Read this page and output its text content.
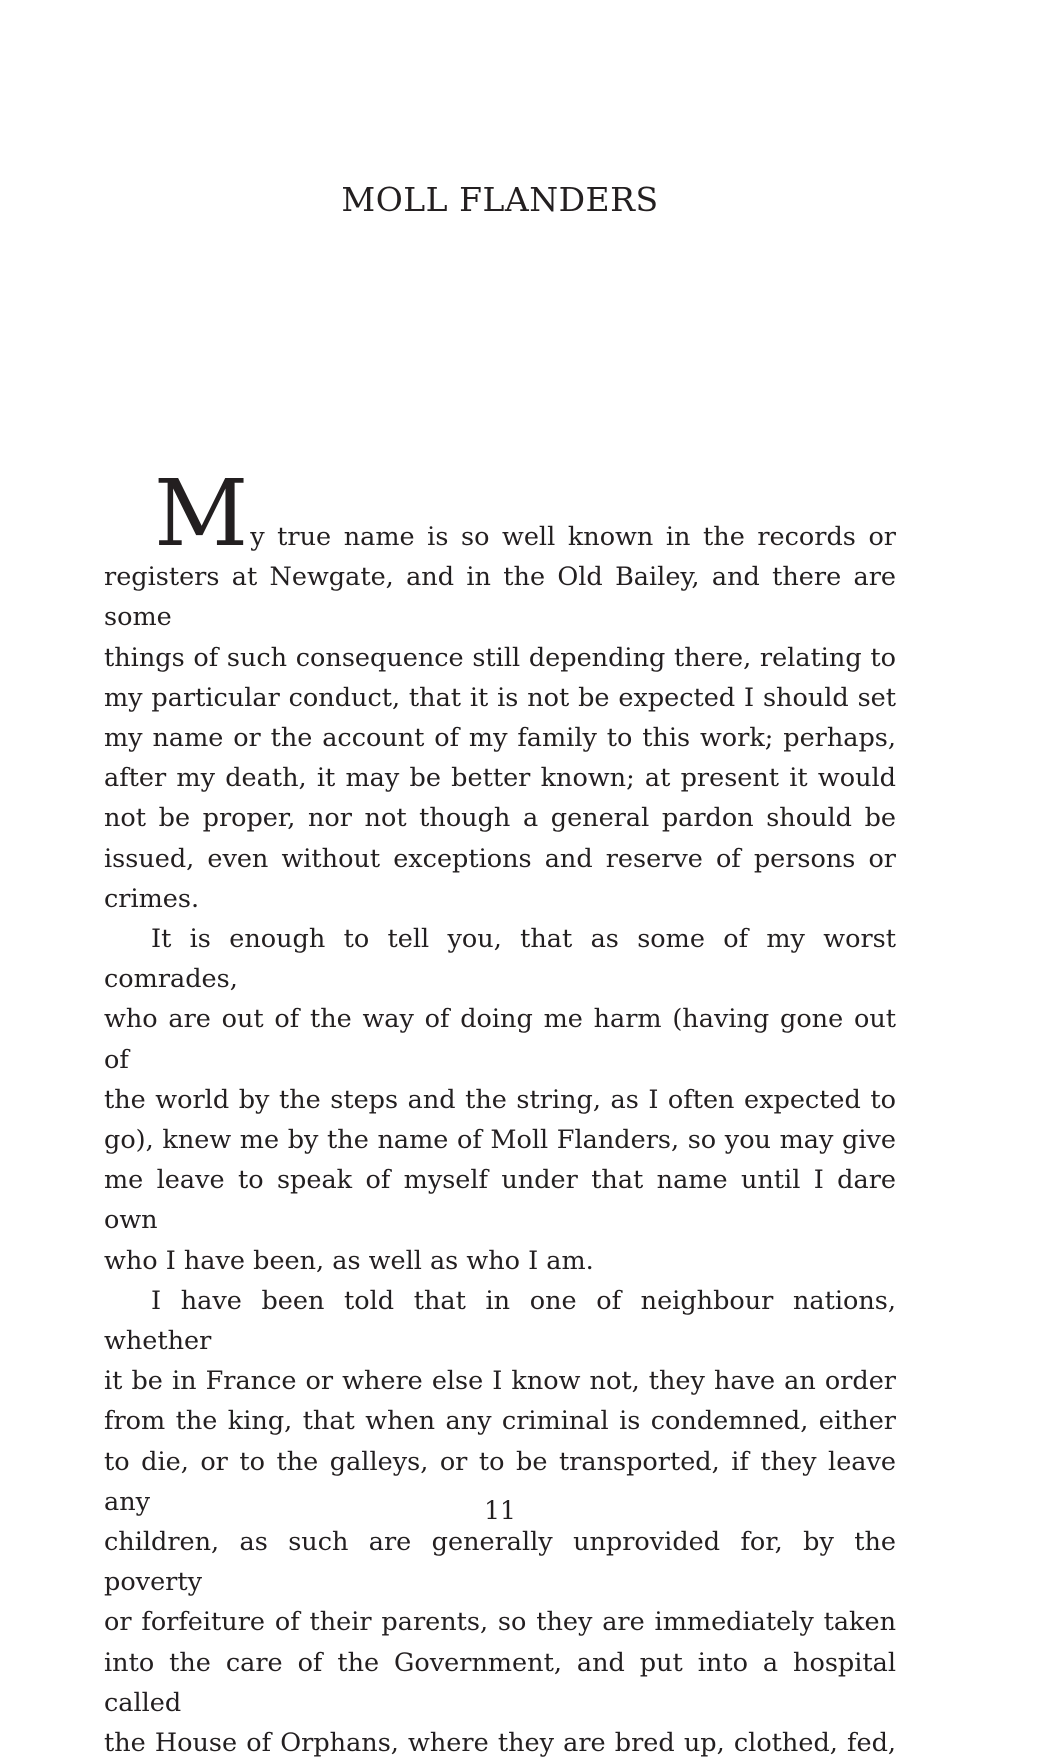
MOLL FLANDERS

My true name is so well known in the records or

registers at Newgate, and in the Old Bailey, and there are some

things of such consequence still depending there, relating to

my particular conduct, that it is not be expected I should set

my name or the account of my family to this work; perhaps,

after my death, it may be better known; at present it would

not be proper, nor not though a general pardon should be

issued, even without exceptions and reserve of persons or

crimes.

It is enough to tell you, that as some of my worst comrades,

who are out of the way of doing me harm (having gone out of

the world by the steps and the string, as I often expected to

go), knew me by the name of Moll Flanders, so you may give

me leave to speak of myself under that name until I dare own

who I have been, as well as who I am.

I have been told that in one of neighbour nations, whether

it be in France or where else I know not, they have an order

from the king, that when any criminal is condemned, either

to die, or to the galleys, or to be transported, if they leave any

children, as such are generally unprovided for, by the poverty

or forfeiture of their parents, so they are immediately taken

into the care of the Government, and put into a hospital called

the House of Orphans, where they are bred up, clothed, fed,

11
